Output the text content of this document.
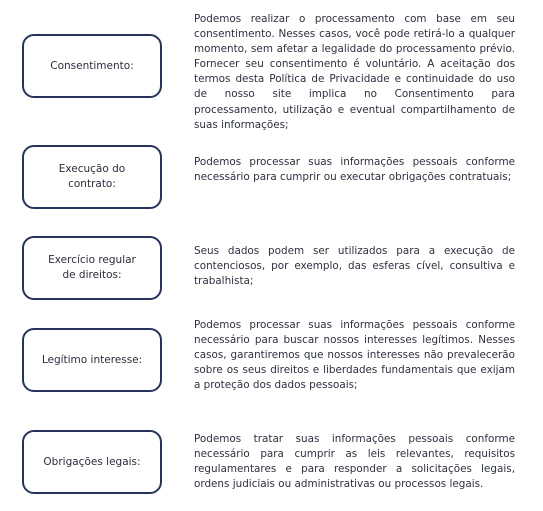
Consentimento:

Podemos realizar o processamento com base em seu consentimento. Nesses casos, você pode retirá-lo a qualquer momento, sem afetar a legalidade do processamento prévio. Fornecer seu consentimento é voluntário. A aceitação dos termos desta Política de Privacidade e continuidade do uso de nosso site implica no Consentimento para processamento, utilização e eventual compartilhamento de suas informações;

Execução do contrato:

Podemos processar suas informações pessoais conforme necessário para cumprir ou executar obrigações contratuais;

Exercício regular de direitos:

Seus dados podem ser utilizados para a execução de contenciosos, por exemplo, das esferas cível, consultiva e trabalhista;

Legítimo interesse:

Podemos processar suas informações pessoais conforme necessário para buscar nossos interesses legítimos. Nesses casos, garantiremos que nossos interesses não prevalecerão sobre os seus direitos e liberdades fundamentais que exijam a proteção dos dados pessoais;

Obrigações legais:

Podemos tratar suas informações pessoais conforme necessário para cumprir as leis relevantes, requisitos regulamentares e para responder a solicitações legais, ordens judiciais ou administrativas ou processos legais.
